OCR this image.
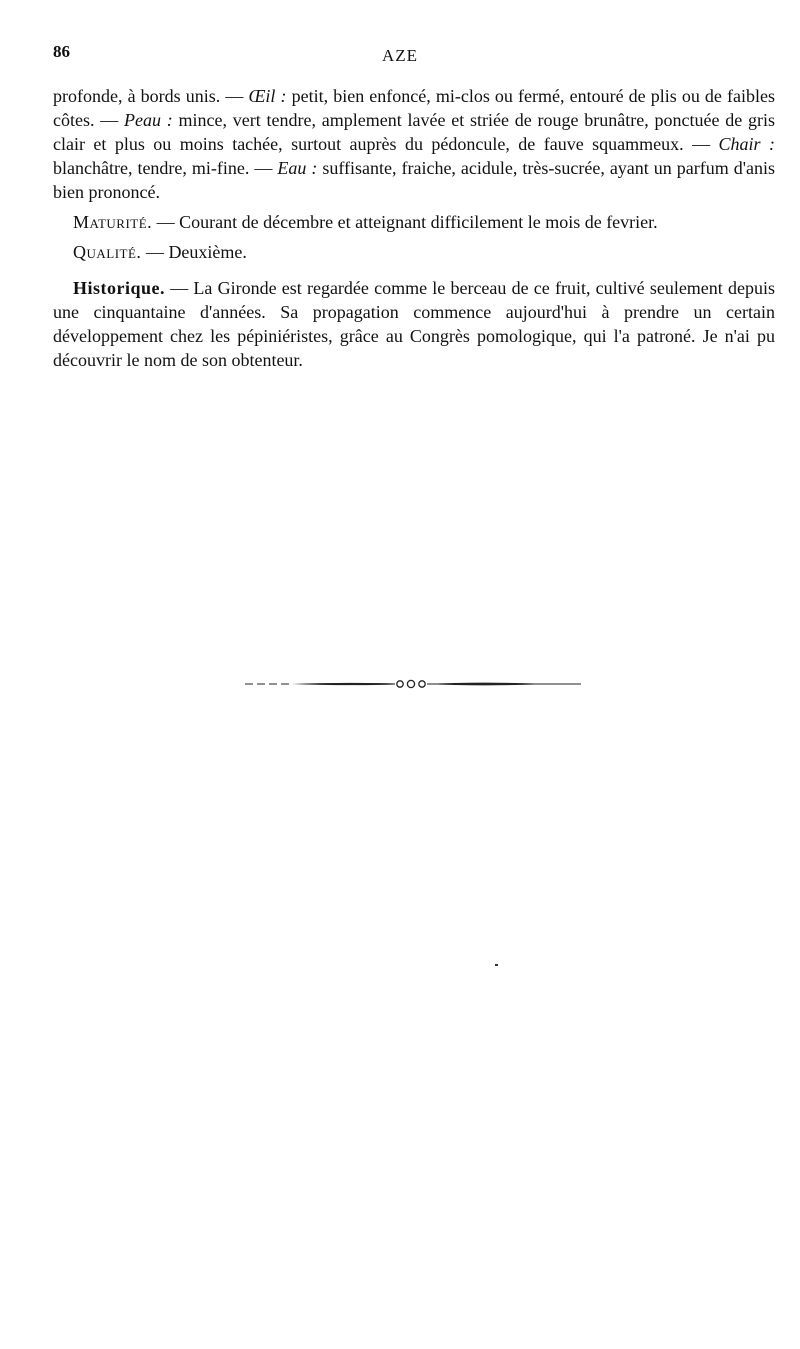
86	AZE

profonde, à bords unis. — Œil : petit, bien enfoncé, mi-clos ou fermé, entouré de plis ou de faibles côtes. — Peau : mince, vert tendre, amplement lavée et striée de rouge brunâtre, ponctuée de gris clair et plus ou moins tachée, surtout auprès du pédoncule, de fauve squammeux. — Chair : blanchâtre, tendre, mi-fine. — Eau : suffisante, fraiche, acidule, très-sucrée, ayant un parfum d'anis bien prononcé.

Maturité. — Courant de décembre et atteignant difficilement le mois de fevrier.

Qualité. — Deuxième.

Historique. — La Gironde est regardée comme le berceau de ce fruit, cultivé seulement depuis une cinquantaine d'années. Sa propagation commence aujourd'hui à prendre un certain développement chez les pépiniéristes, grâce au Congrès pomologique, qui l'a patroné. Je n'ai pu découvrir le nom de son obtenteur.
